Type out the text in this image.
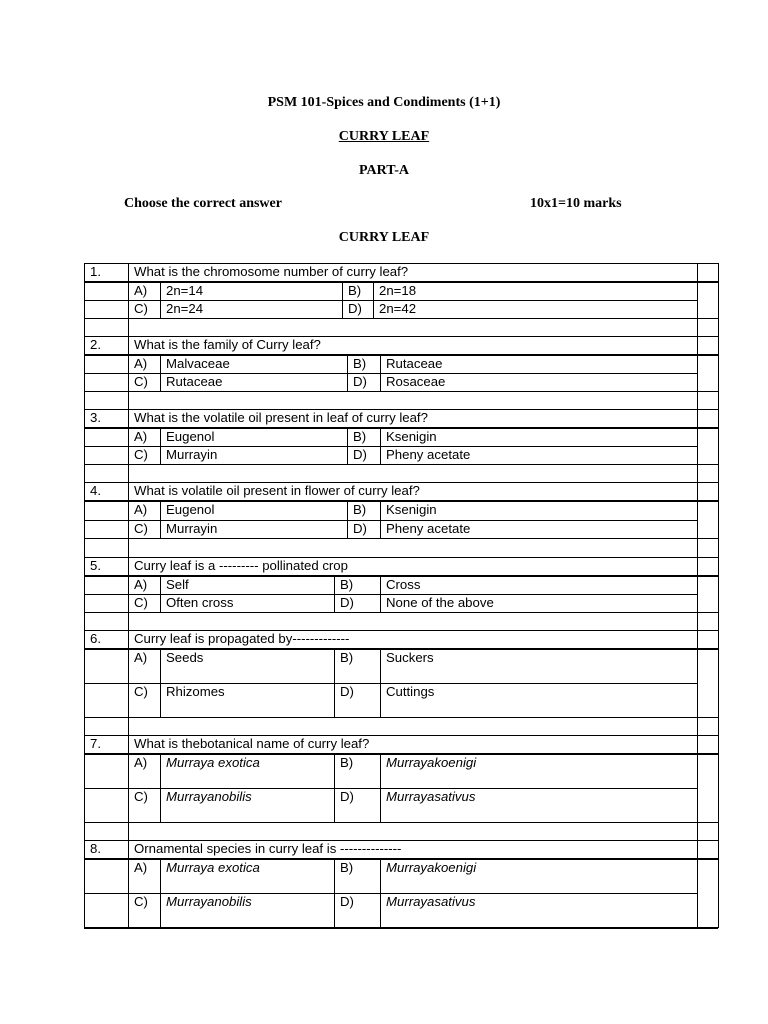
PSM 101-Spices and Condiments (1+1)
CURRY LEAF
PART-A
Choose the correct answer	10x1=10 marks
CURRY LEAF
1.	What is the chromosome number of curry leaf?
A) 2n=14	B) 2n=18
C) 2n=24	D) 2n=42
2.	What is the family of Curry leaf?
A) Malvaceae	B) Rutaceae
C) Rutaceae	D) Rosaceae
3.	What is the volatile oil present in leaf of curry leaf?
A) Eugenol	B) Ksenigin
C) Murrayin	D) Pheny acetate
4.	What is volatile oil present in flower of curry leaf?
A) Eugenol	B) Ksenigin
C) Murrayin	D) Pheny acetate
5.	Curry leaf is a --------- pollinated crop
A) Self	B) Cross
C) Often cross	D) None of the above
6.	Curry leaf is propagated by-------------
A) Seeds	B) Suckers
C) Rhizomes	D) Cuttings
7.	What is thebotanical name of curry leaf?
A) Murraya exotica	B) Murrayakoenigi
C) Murrayanobilis	D) Murrayasativus
8.	Ornamental species in curry leaf is --------------
A) Murraya exotica	B) Murrayakoenigi
C) Murrayanobilis	D) Murrayasativus
